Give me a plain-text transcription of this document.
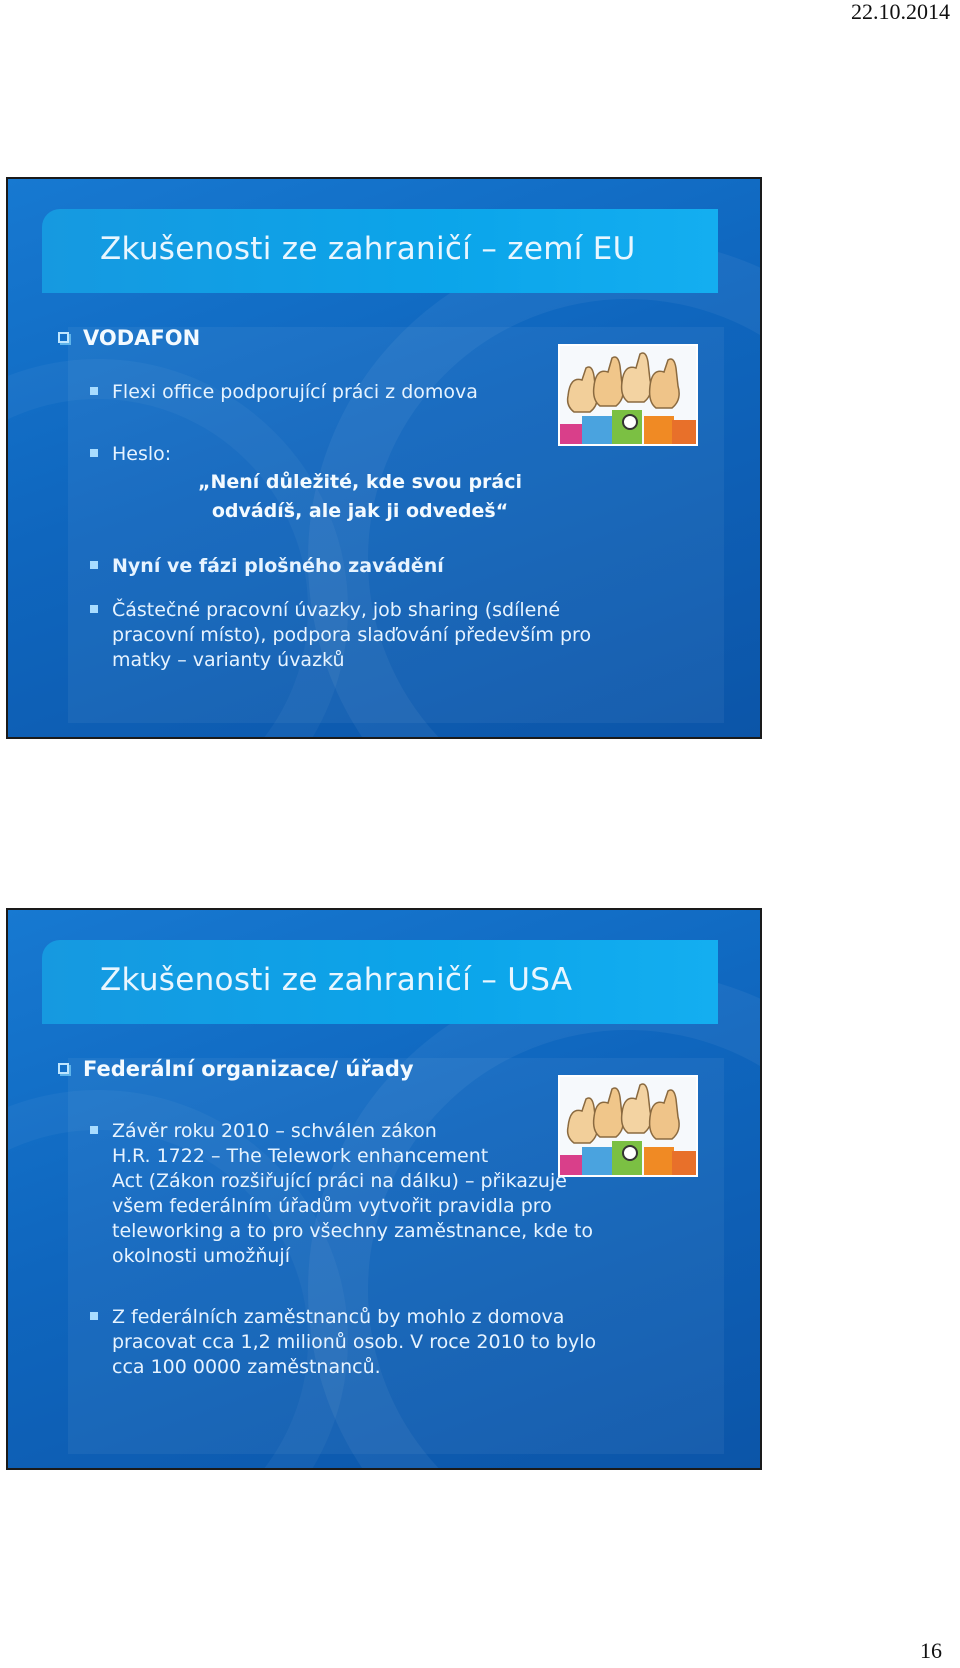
22.10.2014
Zkušenosti ze zahraničí – zemí EU
VODAFON
Flexi office podporující práci z domova
Heslo:
„Není důležité, kde svou práci
odvádíš, ale jak ji odvedeš“
Nyní ve fázi plošného zavádění
Částečné pracovní úvazky, job sharing (sdílené
pracovní místo), podpora slaďování především pro
matky – varianty úvazků
Zkušenosti ze zahraničí – USA
Federální organizace/ úřady
Závěr roku 2010 – schválen zákon
H.R. 1722 – The Telework enhancement
Act (Zákon rozšiřující práci na dálku) – přikazuje
všem federálním úřadům vytvořit pravidla pro
teleworking a to pro všechny zaměstnance, kde to
okolnosti umožňují
Z federálních zaměstnanců by mohlo z domova
pracovat cca 1,2 milionů osob. V roce 2010 to bylo
cca 100 0000 zaměstnanců.
16
